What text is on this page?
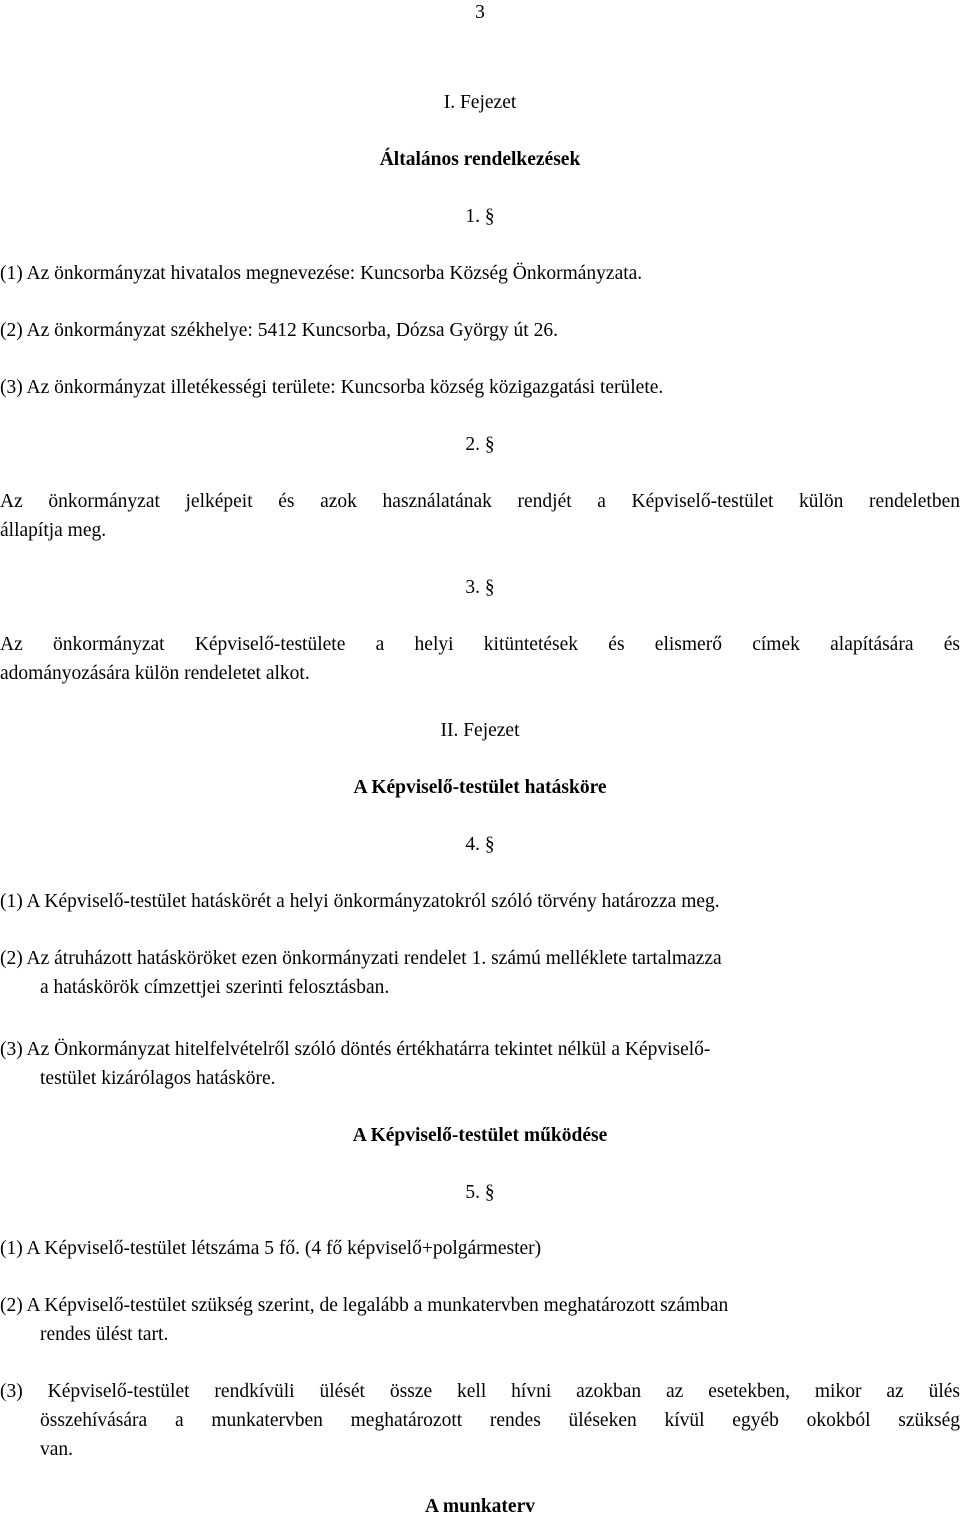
3
I. Fejezet
Általános rendelkezések
1. §
(1) Az önkormányzat hivatalos megnevezése: Kuncsorba Község Önkormányzata.
(2) Az önkormányzat székhelye: 5412 Kuncsorba, Dózsa György út 26.
(3) Az önkormányzat illetékességi területe: Kuncsorba község közigazgatási területe.
2. §
Az önkormányzat jelképeit és azok használatának rendjét a Képviselő-testület külön rendeletben
állapítja meg.
3. §
Az önkormányzat Képviselő-testülete a helyi kitüntetések és elismerő címek alapítására és
adományozására külön rendeletet alkot.
II. Fejezet
A Képviselő-testület hatásköre
4. §
(1) A Képviselő-testület hatáskörét a helyi önkormányzatokról szóló törvény határozza meg.
(2) Az átruházott hatásköröket ezen önkormányzati rendelet 1. számú melléklete tartalmazza
a hatáskörök címzettjei szerinti felosztásban.
(3) Az Önkormányzat hitelfelvételről szóló döntés értékhatárra tekintet nélkül a Képviselő-
testület kizárólagos hatásköre.
A Képviselő-testület működése
5. §
(1) A Képviselő-testület létszáma 5 fő. (4 fő képviselő+polgármester)
(2) A Képviselő-testület szükség szerint, de legalább a munkatervben meghatározott számban
rendes ülést tart.
(3) Képviselő-testület rendkívüli ülését össze kell hívni azokban az esetekben, mikor az ülés
összehívására a munkatervben meghatározott rendes üléseken kívül egyéb okokból szükség
van.
A munkaterv
